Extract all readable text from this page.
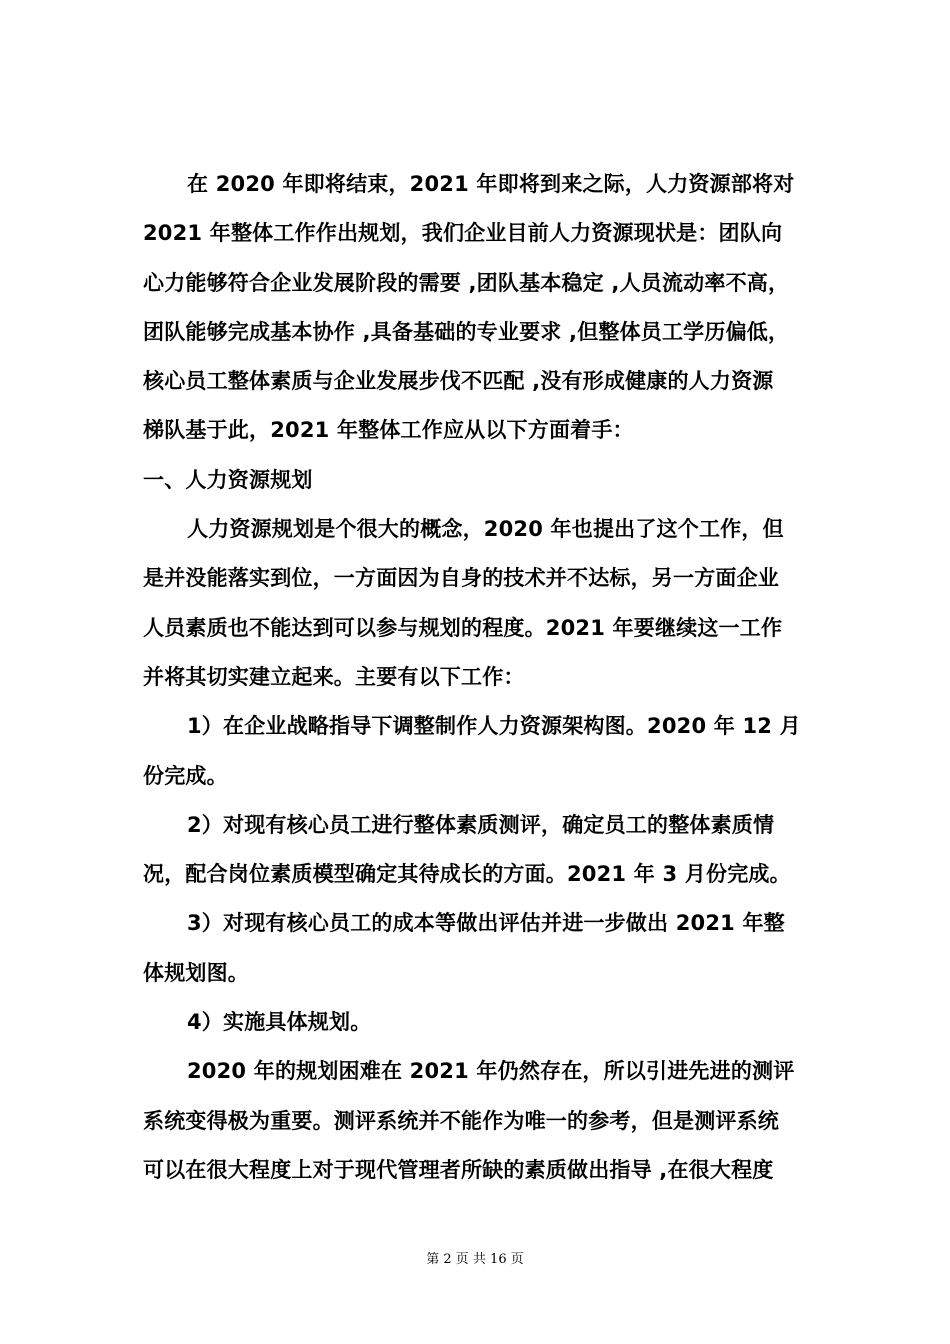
在 2020 年即将结束，2021 年即将到来之际，人力资源部将对
2021 年整体工作作出规划，我们企业目前人力资源现状是：团队向
心力能够符合企业发展阶段的需要 ,团队基本稳定 ,人员流动率不高，
团队能够完成基本协作 ,具备基础的专业要求 ,但整体员工学历偏低，
核心员工整体素质与企业发展步伐不匹配 ,没有形成健康的人力资源
梯队基于此，2021 年整体工作应从以下方面着手：

一、人力资源规划

人力资源规划是个很大的概念，2020 年也提出了这个工作，但
是并没能落实到位，一方面因为自身的技术并不达标，另一方面企业
人员素质也不能达到可以参与规划的程度。2021 年要继续这一工作
并将其切实建立起来。主要有以下工作：

1）在企业战略指导下调整制作人力资源架构图。2020 年 12 月
份完成。

2）对现有核心员工进行整体素质测评，确定员工的整体素质情
况，配合岗位素质模型确定其待成长的方面。2021 年 3 月份完成。

3）对现有核心员工的成本等做出评估并进一步做出 2021 年整
体规划图。

4）实施具体规划。

2020 年的规划困难在 2021 年仍然存在，所以引进先进的测评
系统变得极为重要。测评系统并不能作为唯一的参考，但是测评系统
可以在很大程度上对于现代管理者所缺的素质做出指导 ,在很大程度

第 2 页 共 16 页
